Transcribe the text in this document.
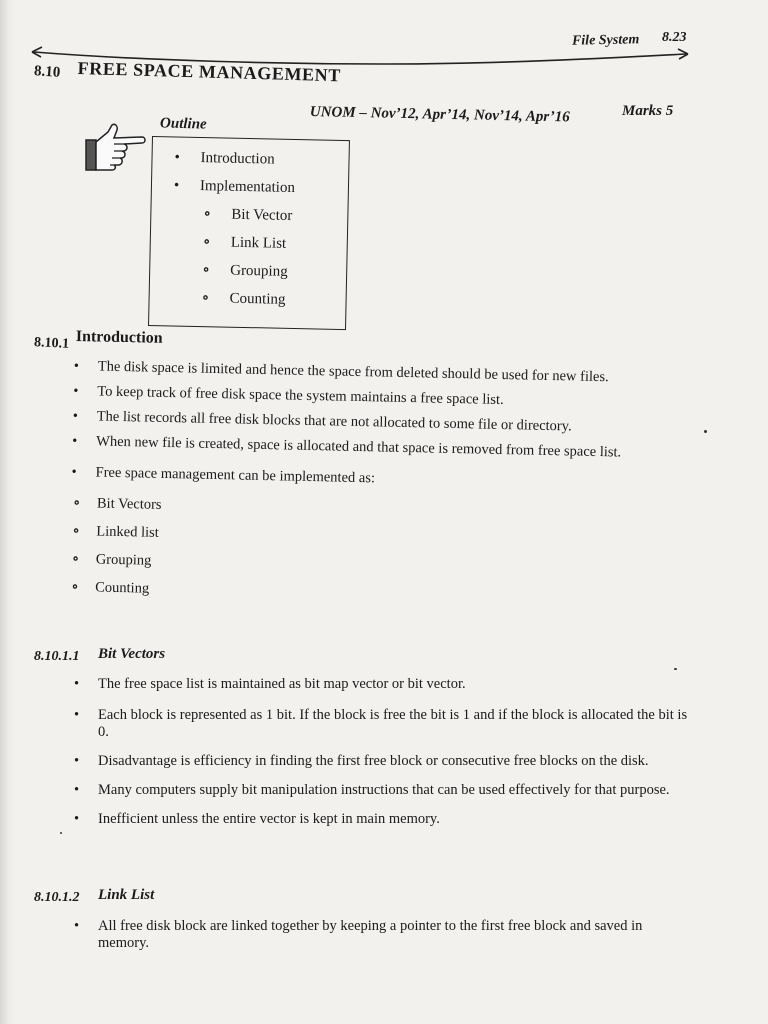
File System 8.23
8.10 FREE SPACE MANAGEMENT
UNOM – Nov’12, Apr’14, Nov’14, Apr’16	Marks 5
Outline
• Introduction
• Implementation
∘ Bit Vector
∘ Link List
∘ Grouping
∘ Counting
8.10.1 Introduction
• The disk space is limited and hence the space from deleted should be used for new files.
• To keep track of free disk space the system maintains a free space list.
• The list records all free disk blocks that are not allocated to some file or directory.
• When new file is created, space is allocated and that space is removed from free space list.
• Free space management can be implemented as:
∘ Bit Vectors
∘ Linked list
∘ Grouping
∘ Counting
8.10.1.1 Bit Vectors
• The free space list is maintained as bit map vector or bit vector.
• Each block is represented as 1 bit. If the block is free the bit is 1 and if the block is allocated the bit is 0.
• Disadvantage is efficiency in finding the first free block or consecutive free blocks on the disk.
• Many computers supply bit manipulation instructions that can be used effectively for that purpose.
• Inefficient unless the entire vector is kept in main memory.
8.10.1.2 Link List
• All free disk block are linked together by keeping a pointer to the first free block and saved in memory.
